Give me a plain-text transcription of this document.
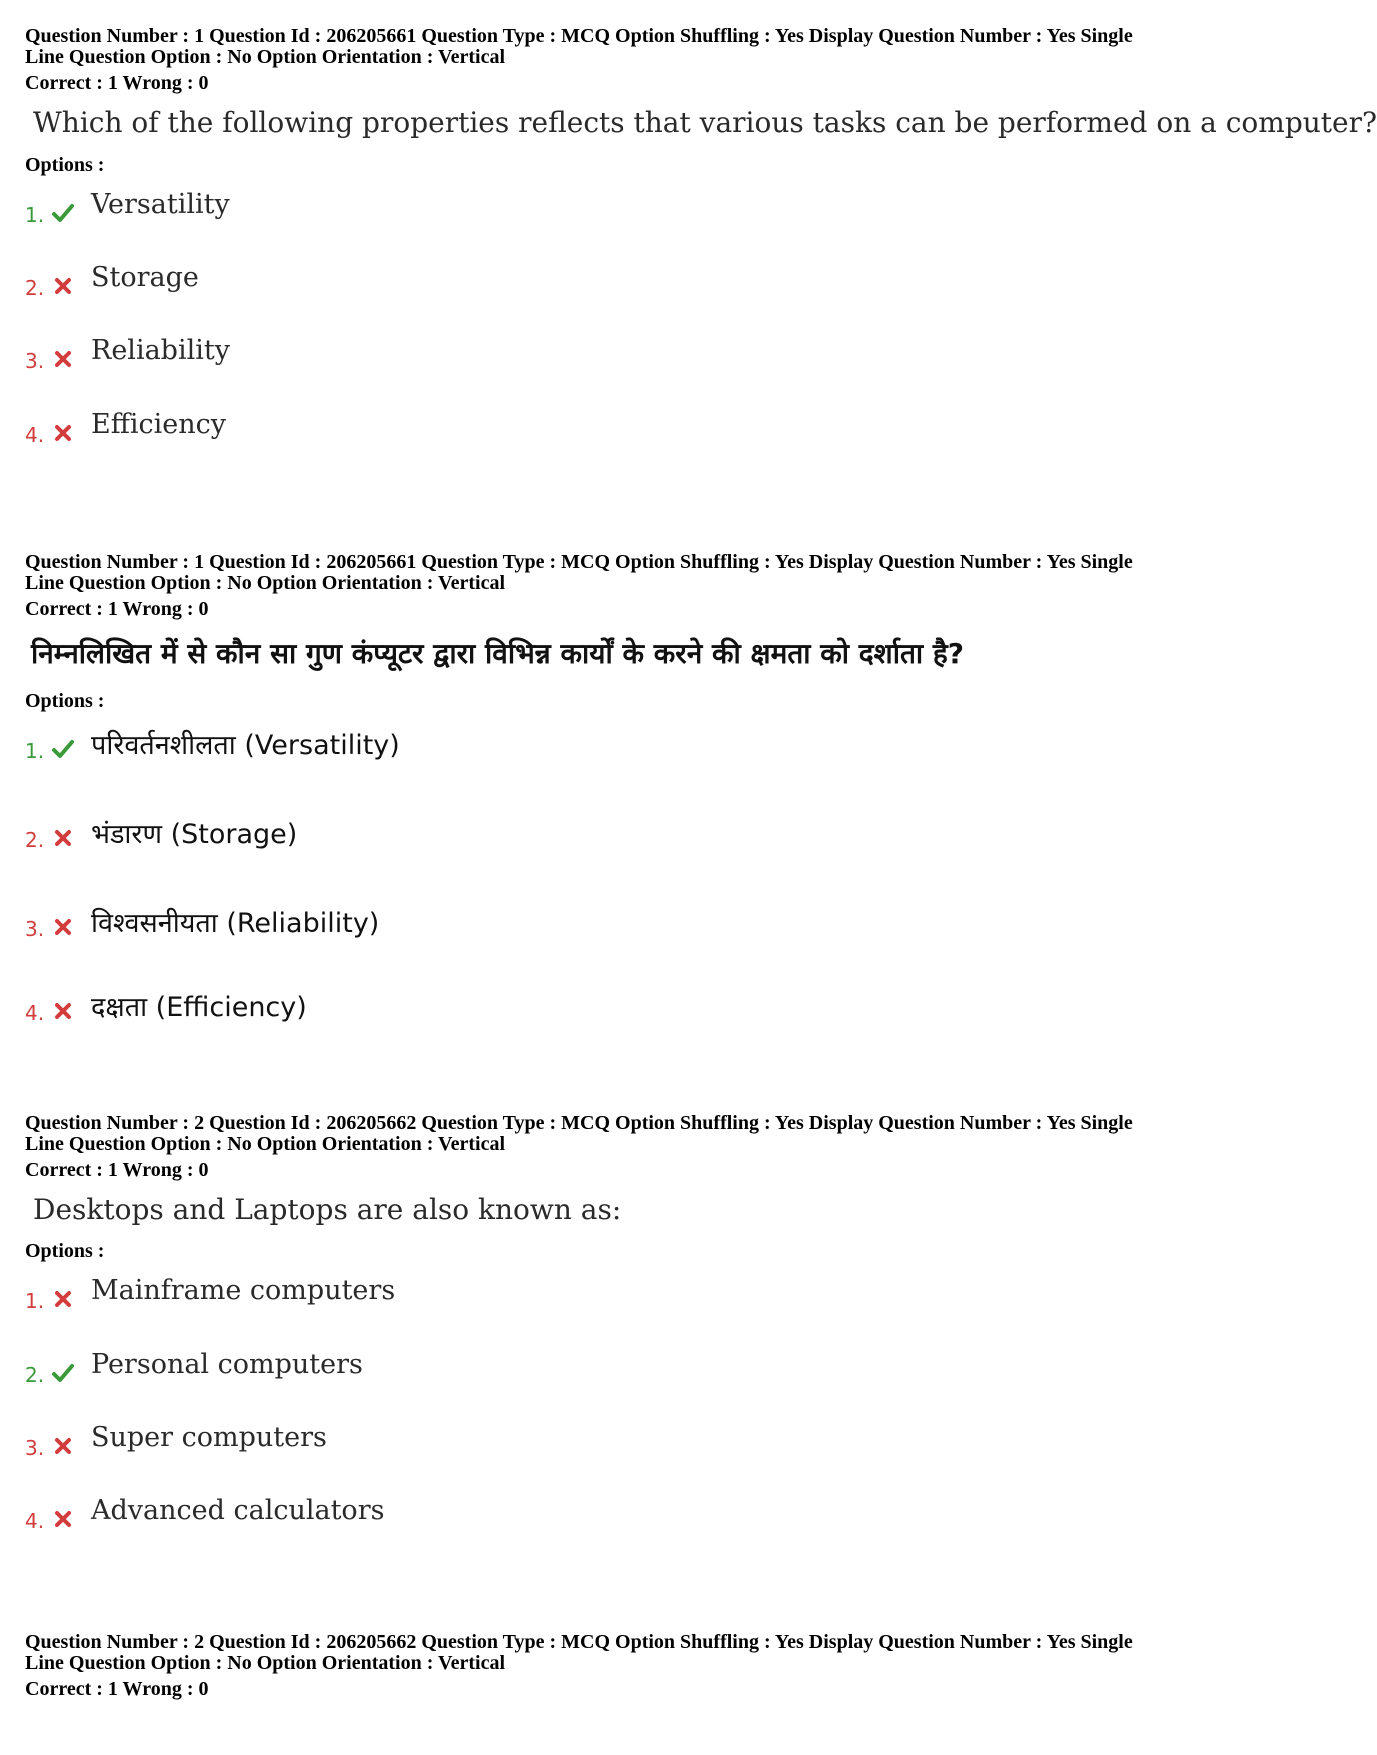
Question Number : 1 Question Id : 206205661 Question Type : MCQ Option Shuffling : Yes Display Question Number : Yes Single
Line Question Option : No Option Orientation : Vertical
Correct : 1 Wrong : 0
Which of the following properties reflects that various tasks can be performed on a computer?
Options :
1. Versatility
2. Storage
3. Reliability
4. Efficiency
Question Number : 1 Question Id : 206205661 Question Type : MCQ Option Shuffling : Yes Display Question Number : Yes Single
Line Question Option : No Option Orientation : Vertical
Correct : 1 Wrong : 0
निम्नलिखित में से कौन सा गुण कंप्यूटर द्वारा विभिन्न कार्यों के करने की क्षमता को दर्शाता है?
Options :
1. परिवर्तनशीलता (Versatility)
2. भंडारण (Storage)
3. विश्वसनीयता (Reliability)
4. दक्षता (Efficiency)
Question Number : 2 Question Id : 206205662 Question Type : MCQ Option Shuffling : Yes Display Question Number : Yes Single
Line Question Option : No Option Orientation : Vertical
Correct : 1 Wrong : 0
Desktops and Laptops are also known as:
Options :
1. Mainframe computers
2. Personal computers
3. Super computers
4. Advanced calculators
Question Number : 2 Question Id : 206205662 Question Type : MCQ Option Shuffling : Yes Display Question Number : Yes Single
Line Question Option : No Option Orientation : Vertical
Correct : 1 Wrong : 0
